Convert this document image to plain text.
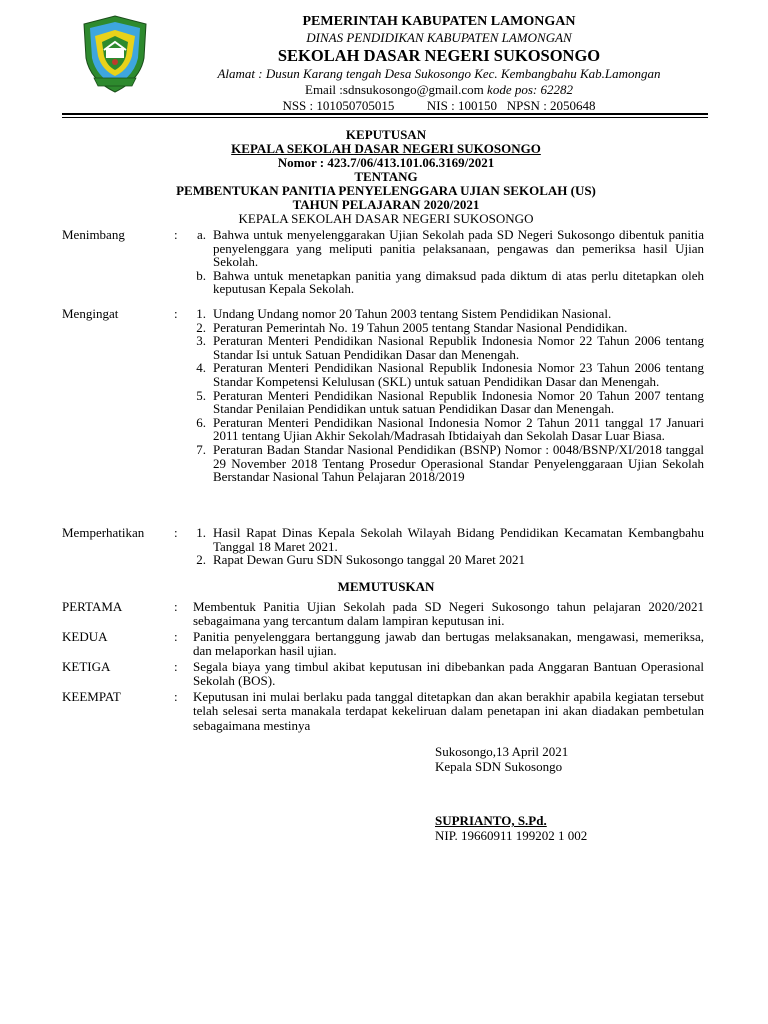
PEMERINTAH KABUPATEN LAMONGAN
DINAS PENDIDIKAN KABUPATEN LAMONGAN
SEKOLAH DASAR NEGERI SUKOSONGO
Alamat : Dusun Karang tengah Desa Sukosongo Kec. Kembangbahu Kab.Lamongan
Email :sdnsukosongo@gmail.com kode pos: 62282
NSS : 101050705015          NIS : 100150   NPSN : 2050648
KEPUTUSAN
KEPALA SEKOLAH DASAR NEGERI SUKOSONGO
Nomor : 423.7/06/413.101.06.3169/2021
TENTANG
PEMBENTUKAN PANITIA PENYELENGGARA UJIAN SEKOLAH (US)
TAHUN PELAJARAN 2020/2021
KEPALA SEKOLAH DASAR NEGERI SUKOSONGO
Menimbang	:	a. Bahwa untuk menyelenggarakan Ujian Sekolah pada SD Negeri Sukosongo dibentuk panitia penyelenggara yang meliputi panitia pelaksanaan, pengawas dan pemeriksa hasil Ujian Sekolah.
b. Bahwa untuk menetapkan panitia yang dimaksud pada diktum di atas perlu ditetapkan oleh keputusan Kepala Sekolah.
Mengingat	:	1. Undang Undang nomor 20 Tahun 2003 tentang Sistem Pendidikan Nasional.
2. Peraturan Pemerintah No. 19 Tahun 2005 tentang Standar Nasional Pendidikan.
3. Peraturan Menteri Pendidikan Nasional Republik Indonesia Nomor 22 Tahun 2006 tentang Standar Isi untuk Satuan Pendidikan Dasar dan Menengah.
4. Peraturan Menteri Pendidikan Nasional Republik Indonesia Nomor 23 Tahun 2006 tentang Standar Kompetensi Kelulusan (SKL) untuk satuan Pendidikan Dasar dan Menengah.
5. Peraturan Menteri Pendidikan Nasional Republik Indonesia Nomor 20 Tahun 2007 tentang Standar Penilaian Pendidikan untuk satuan Pendidikan Dasar dan Menengah.
6. Peraturan Menteri Pendidikan Nasional Indonesia Nomor 2 Tahun 2011 tanggal 17 Januari 2011 tentang Ujian Akhir Sekolah/Madrasah Ibtidaiyah dan Sekolah Dasar Luar Biasa.
7. Peraturan Badan Standar Nasional Pendidikan (BSNP) Nomor : 0048/BSNP/XI/2018 tanggal 29 November 2018 Tentang Prosedur Operasional Standar Penyelenggaraan Ujian Sekolah Berstandar Nasional Tahun Pelajaran 2018/2019
Memperhatikan :	1. Hasil Rapat Dinas Kepala Sekolah Wilayah Bidang Pendidikan Kecamatan Kembangbahu Tanggal 18 Maret 2021.
2. Rapat Dewan Guru SDN Sukosongo tanggal 20 Maret 2021
MEMUTUSKAN
PERTAMA	: Membentuk Panitia Ujian Sekolah pada SD Negeri Sukosongo tahun pelajaran 2020/2021 sebagaimana yang tercantum dalam lampiran keputusan ini.
KEDUA	: Panitia penyelenggara bertanggung jawab dan bertugas melaksanakan, mengawasi, memeriksa, dan melaporkan hasil ujian.
KETIGA	: Segala biaya yang timbul akibat keputusan ini dibebankan pada Anggaran Bantuan Operasional Sekolah (BOS).
KEEMPAT	: Keputusan ini mulai berlaku pada tanggal ditetapkan dan akan berakhir apabila kegiatan tersebut telah selesai serta manakala terdapat kekeliruan dalam penetapan ini akan diadakan pembetulan sebagaimana mestinya
Sukosongo,13 April 2021
Kepala SDN Sukosongo
SUPRIANTO, S.Pd.
NIP. 19660911 199202 1 002
